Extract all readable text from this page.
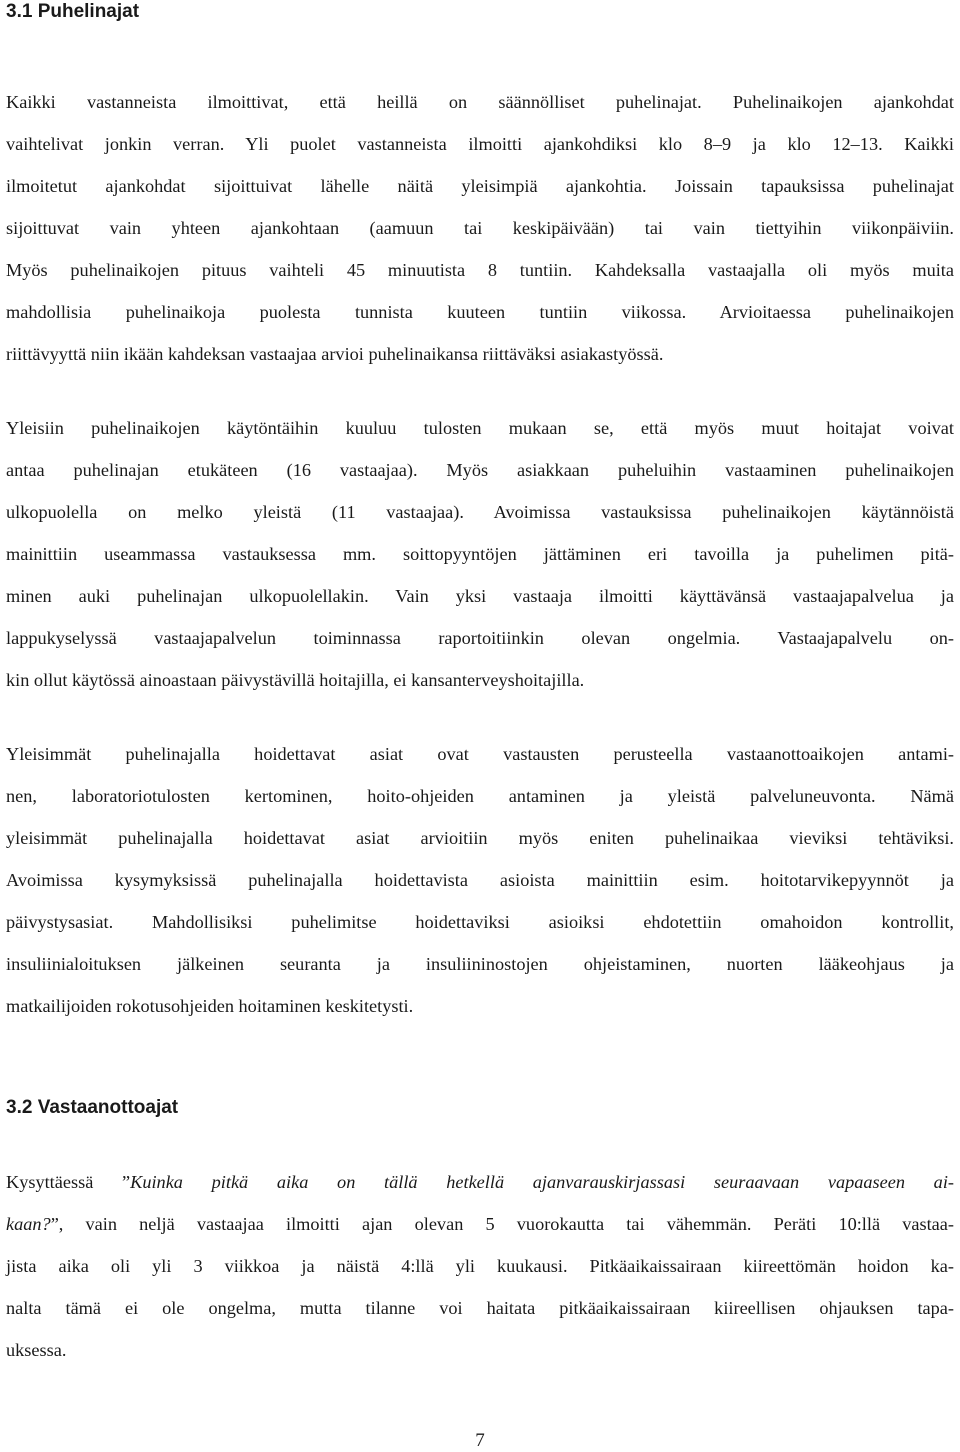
3.1 Puhelinajat

Kaikki vastanneista ilmoittivat, että heillä on säännölliset puhelinajat. Puhelinaikojen ajankohdat
vaihtelivat jonkin verran. Yli puolet vastanneista ilmoitti ajankohdiksi klo 8–9 ja klo 12–13. Kaikki
ilmoitetut ajankohdat sijoittuivat lähelle näitä yleisimpiä ajankohtia. Joissain tapauksissa puhelinajat
sijoittuvat vain yhteen ajankohtaan (aamuun tai keskipäivään) tai vain tiettyihin viikonpäiviin.
Myös puhelinaikojen pituus vaihteli 45 minuutista 8 tuntiin. Kahdeksalla vastaajalla oli myös muita
mahdollisia puhelinaikoja puolesta tunnista kuuteen tuntiin viikossa. Arvioitaessa puhelinaikojen
riittävyyttä niin ikään kahdeksan vastaajaa arvioi puhelinaikansa riittäväksi asiakastyössä.

Yleisiin puhelinaikojen käytöntäihin kuuluu tulosten mukaan se, että myös muut hoitajat voivat
antaa puhelinajan etukäteen (16 vastaajaa). Myös asiakkaan puheluihin vastaaminen puhelinaikojen
ulkopuolella on melko yleistä (11 vastaajaa). Avoimissa vastauksissa puhelinaikojen käytännöistä
mainittiin useammassa vastauksessa mm. soittopyyntöjen jättäminen eri tavoilla ja puhelimen pitä-
minen auki puhelinajan ulkopuolellakin. Vain yksi vastaaja ilmoitti käyttävänsä vastaajapalvelua ja
lappukyselyssä vastaajapalvelun toiminnassa raportoitiinkin olevan ongelmia. Vastaajapalvelu on-
kin ollut käytössä ainoastaan päivystävillä hoitajilla, ei kansanterveyshoitajilla.

Yleisimmät puhelinajalla hoidettavat asiat ovat vastausten perusteella vastaanottoaikojen antami-
nen, laboratoriotulosten kertominen, hoito-ohjeiden antaminen ja yleistä palveluneuvonta. Nämä
yleisimmät puhelinajalla hoidettavat asiat arvioitiin myös eniten puhelinaikaa vieviksi tehtäviksi.
Avoimissa kysymyksissä puhelinajalla hoidettavista asioista mainittiin esim. hoitotarvikepyynnöt ja
päivystysasiat. Mahdollisiksi puhelimitse hoidettaviksi asioiksi ehdotettiin omahoidon kontrollit,
insuliinialoituksen jälkeinen seuranta ja insuliininostojen ohjeistaminen, nuorten lääkeohjaus ja
matkailijoiden rokotusohjeiden hoitaminen keskitetysti.

3.2 Vastaanottoajat

Kysyttäessä ”Kuinka pitkä aika on tällä hetkellä ajanvarauskirjassasi seuraavaan vapaaseen ai-
kaan?”, vain neljä vastaajaa ilmoitti ajan olevan 5 vuorokautta tai vähemmän. Peräti 10:llä vastaa-
jista aika oli yli 3 viikkoa ja näistä 4:llä yli kuukausi. Pitkäaikaissairaan kiireettömän hoidon ka-
nalta tämä ei ole ongelma, mutta tilanne voi haitata pitkäaikaissairaan kiireellisen ohjauksen tapa-
uksessa.

7
